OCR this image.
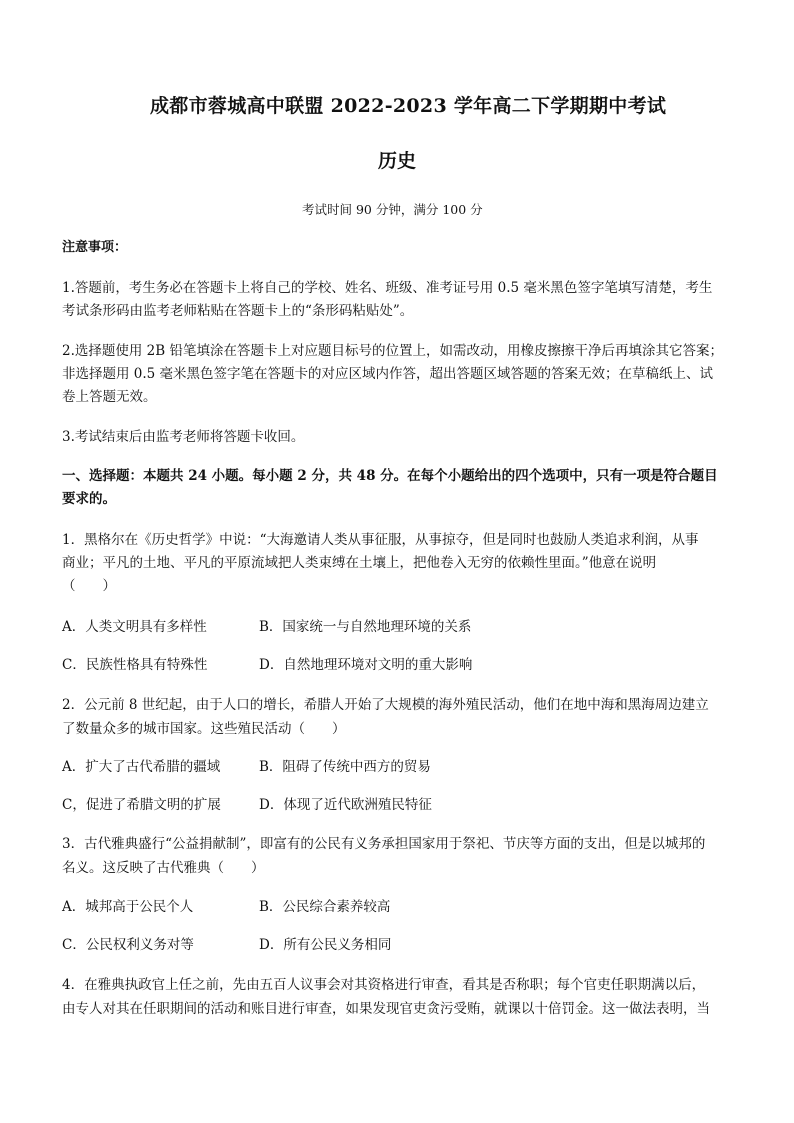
成都市蓉城高中联盟 2022-2023 学年高二下学期期中考试
历史
考试时间 90 分钟，满分 100 分
注意事项：
1.答题前，考生务必在答题卡上将自己的学校、姓名、班级、准考证号用 0.5 毫米黑色签字笔填写清楚，考生
考试条形码由监考老师粘贴在答题卡上的“条形码粘贴处”。
2.选择题使用 2B 铅笔填涂在答题卡上对应题目标号的位置上，如需改动，用橡皮擦擦干净后再填涂其它答案；
非选择题用 0.5 毫米黑色签字笔在答题卡的对应区域内作答，超出答题区域答题的答案无效；在草稿纸上、试
卷上答题无效。
3.考试结束后由监考老师将答题卡收回。
一、选择题：本题共 24 小题。每小题 2 分，共 48 分。在每个小题给出的四个选项中，只有一项是符合题目
要求的。
1．黑格尔在《历史哲学》中说：“大海邀请人类从事征服，从事掠夺，但是同时也鼓励人类追求利润，从事
商业；平凡的土地、平凡的平原流域把人类束缚在土壤上，把他卷入无穷的依赖性里面。”他意在说明
（　　）
A．人类文明具有多样性	B．国家统一与自然地理环境的关系
C．民族性格具有特殊性	D．自然地理环境对文明的重大影响
2．公元前 8 世纪起，由于人口的增长，希腊人开始了大规模的海外殖民活动，他们在地中海和黑海周边建立
了数量众多的城市国家。这些殖民活动（　　）
A．扩大了古代希腊的疆域	B．阻碍了传统中西方的贸易
C，促进了希腊文明的扩展	D．体现了近代欧洲殖民特征
3．古代雅典盛行“公益捐献制”，即富有的公民有义务承担国家用于祭祀、节庆等方面的支出，但是以城邦的
名义。这反映了古代雅典（　　）
A．城邦高于公民个人	B．公民综合素养较高
C．公民权利义务对等	D．所有公民义务相同
4．在雅典执政官上任之前，先由五百人议事会对其资格进行审查，看其是否称职；每个官吏任职期满以后，
由专人对其在任职期间的活动和账目进行审查，如果发现官吏贪污受贿，就课以十倍罚金。这一做法表明，当
